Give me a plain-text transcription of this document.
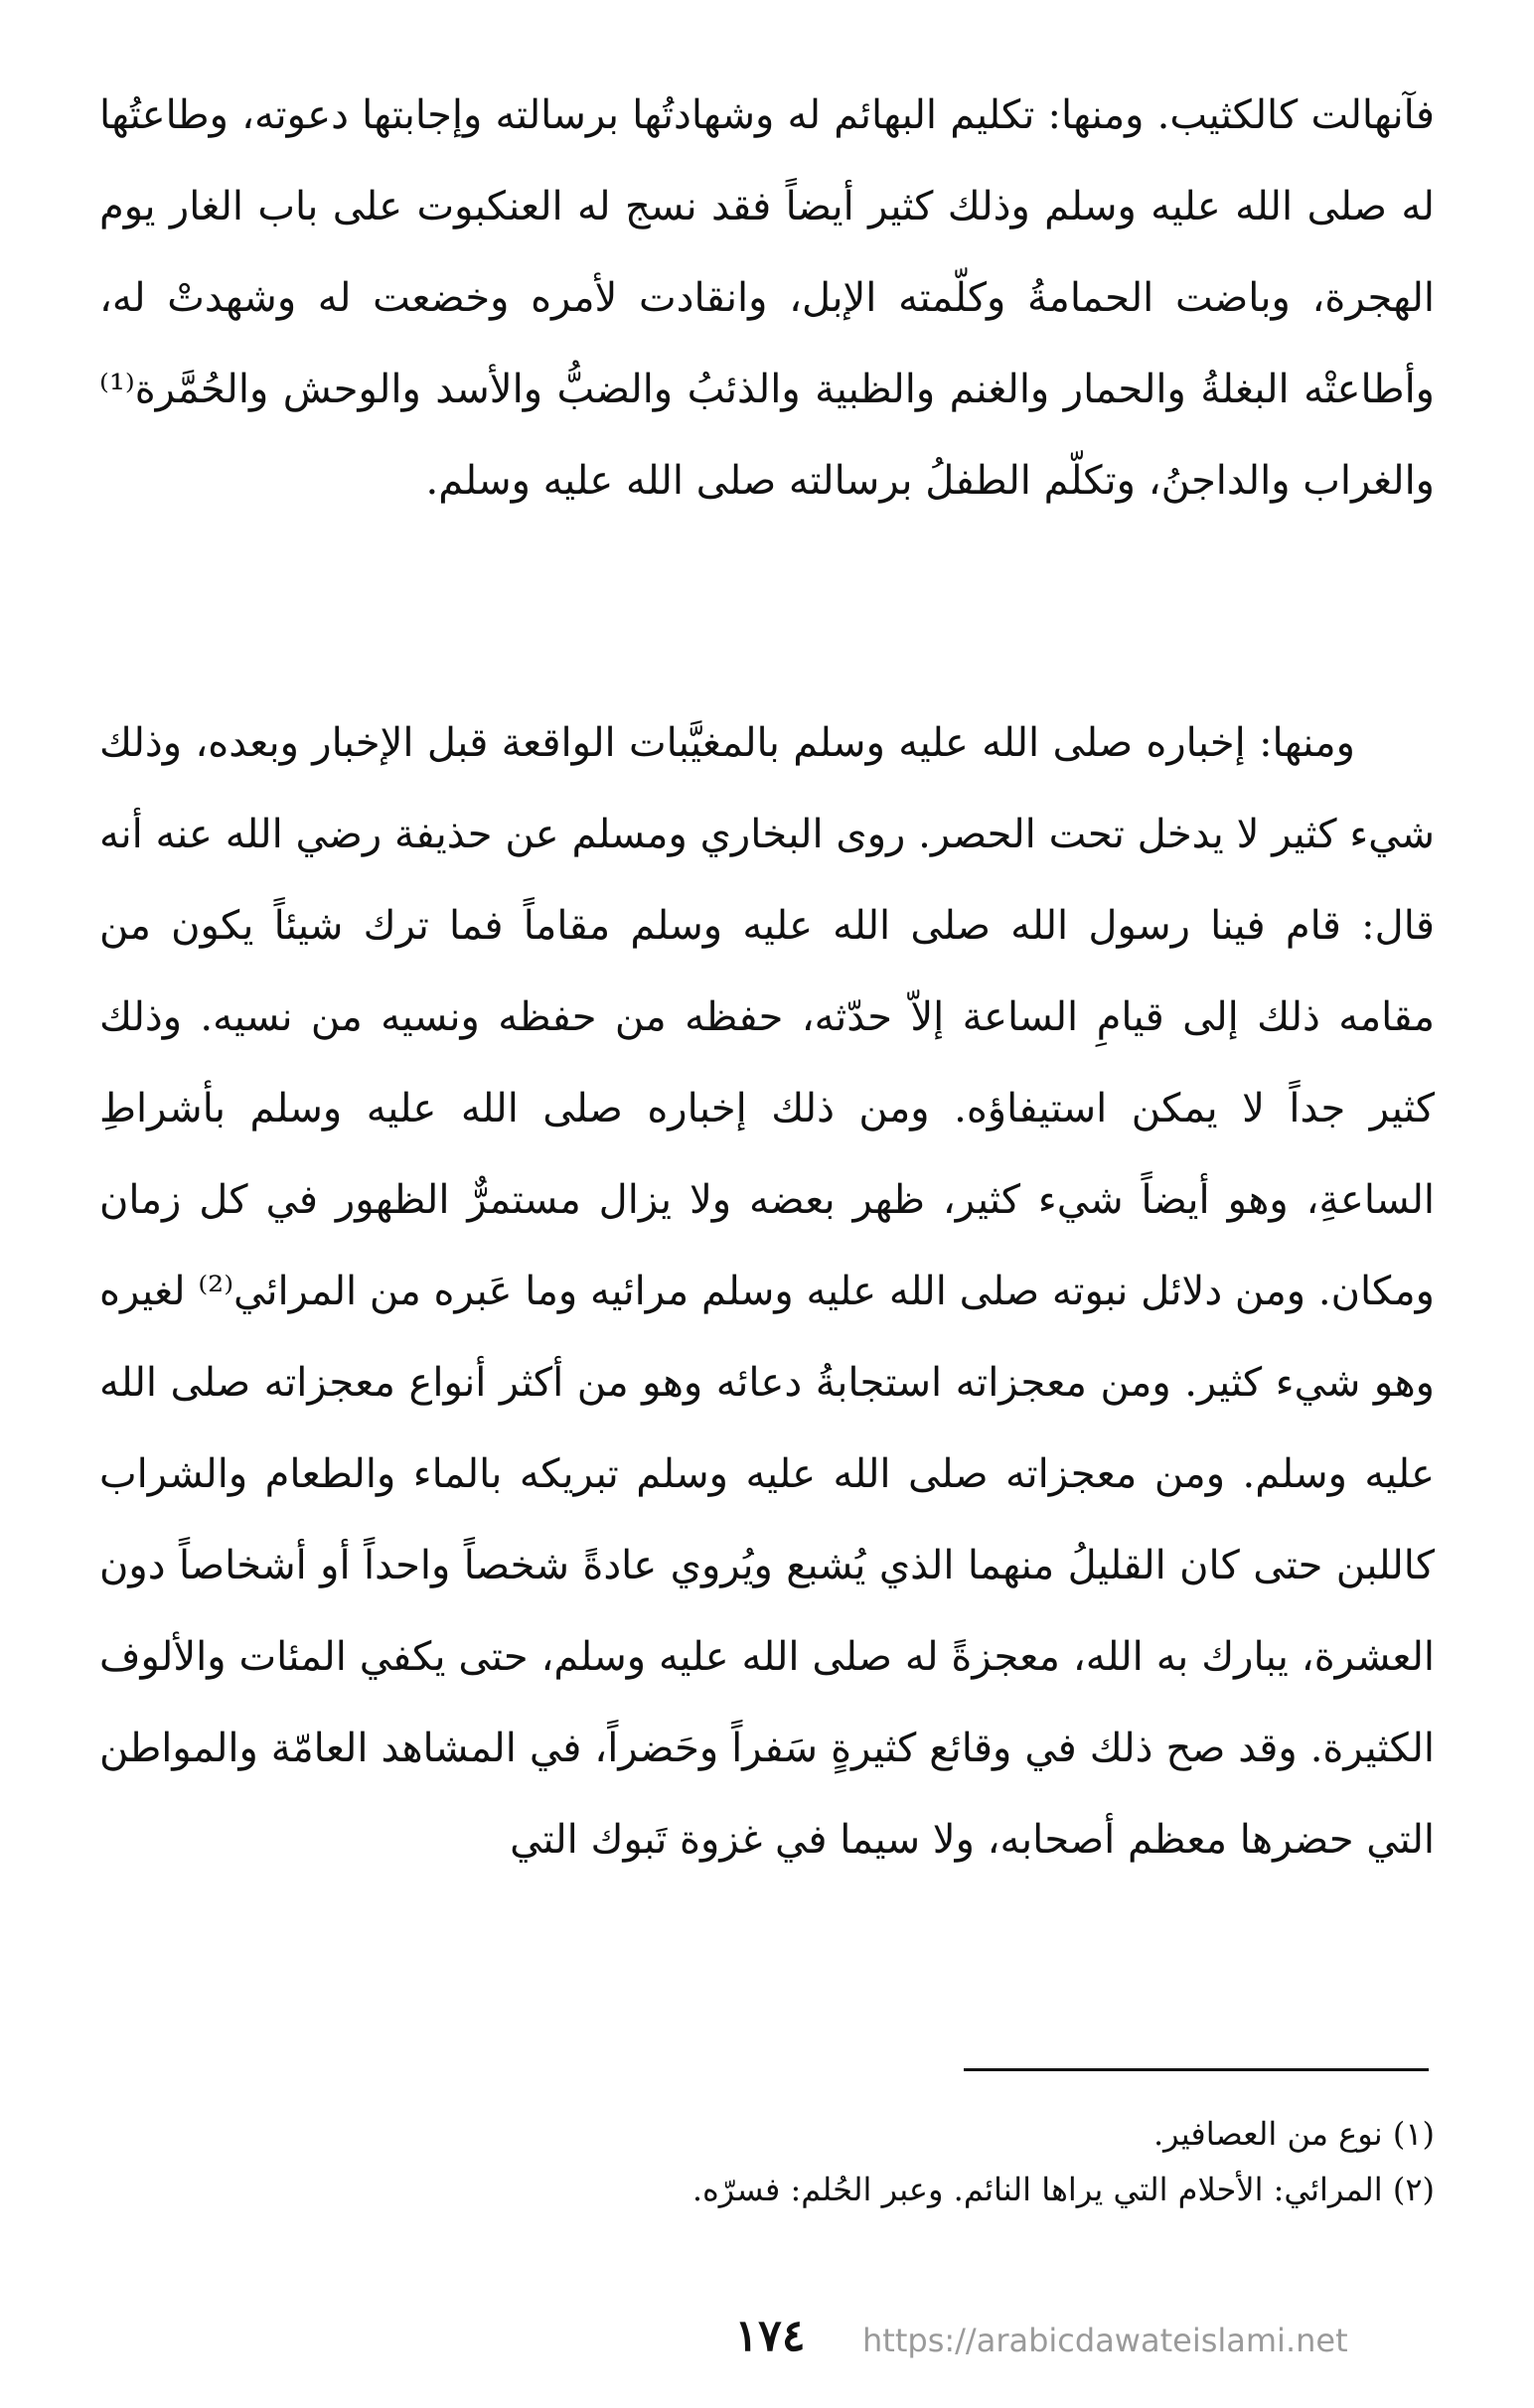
فآنهالت كالكثيب. ومنها: تكليم البهائم له وشهادتُها برسالته وإجابتها دعوته، وطاعتُها له صلى الله عليه وسلم وذلك كثير أيضاً فقد نسج له العنكبوت على باب الغار يوم الهجرة، وباضت الحمامةُ وكلّمته الإبل، وانقادت لأمره وخضعت له وشهدتْ له، وأطاعتْه البغلةُ والحمار والغنم والظبية والذئبُ والضبُّ والأسد والوحش والحُمَّرة⁽¹⁾ والغراب والداجنُ، وتكلّم الطفلُ برسالته صلى الله عليه وسلم.

ومنها: إخباره صلى الله عليه وسلم بالمغيَّبات الواقعة قبل الإخبار وبعده، وذلك شيء كثير لا يدخل تحت الحصر. روى البخاري ومسلم عن حذيفة رضي الله عنه أنه قال: قام فينا رسول الله صلى الله عليه وسلم مقاماً فما ترك شيئاً يكون من مقامه ذلك إلى قيامِ الساعة إلاّ حدّثه، حفظه من حفظه ونسيه من نسيه. وذلك كثير جداً لا يمكن استيفاؤه. ومن ذلك إخباره صلى الله عليه وسلم بأشراطِ الساعةِ، وهو أيضاً شيء كثير، ظهر بعضه ولا يزال مستمرٌّ الظهور في كل زمان ومكان. ومن دلائل نبوته صلى الله عليه وسلم مرائيه وما عَبره من المرائي⁽²⁾ لغيره وهو شيء كثير. ومن معجزاته استجابةُ دعائه وهو من أكثر أنواع معجزاته صلى الله عليه وسلم. ومن معجزاته صلى الله عليه وسلم تبريكه بالماء والطعام والشراب كاللبن حتى كان القليلُ منهما الذي يُشبع ويُروي عادةً شخصاً واحداً أو أشخاصاً دون العشرة، يبارك به الله، معجزةً له صلى الله عليه وسلم، حتى يكفي المئات والألوف الكثيرة. وقد صح ذلك في وقائع كثيرةٍ سَفراً وحَضراً، في المشاهد العامّة والمواطن التي حضرها معظم أصحابه، ولا سيما في غزوة تَبوك التي

(١) نوع من العصافير.

(٢) المرائي: الأحلام التي يراها النائم. وعبر الحُلم: فسرّه.

١٧٤	https://arabicdawateislami.net
